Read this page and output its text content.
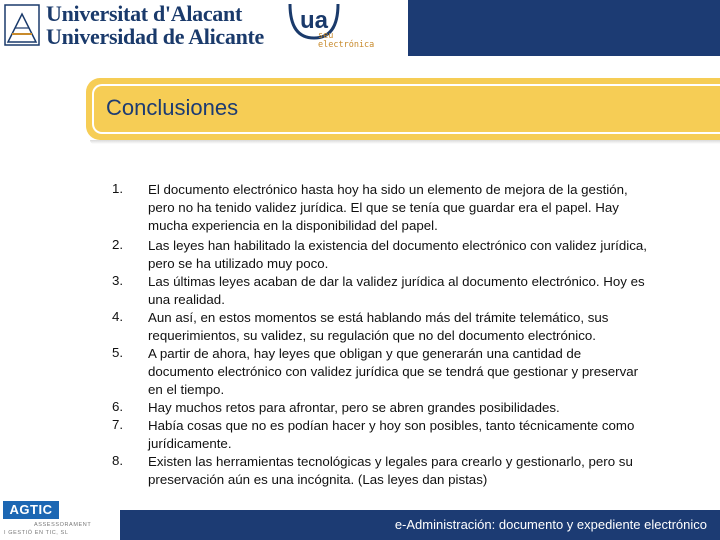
Universitat d'Alacant
Universidad de Alicante
ua
seu
electrónica
Conclusiones
1. El documento electrónico hasta hoy ha sido un elemento de mejora de la gestión,
pero no ha tenido validez jurídica. El que se tenía que guardar era el papel. Hay
mucha experiencia en la disponibilidad del papel.
2. Las leyes han habilitado la existencia del documento electrónico con validez jurídica,
pero se ha utilizado muy poco.
3. Las últimas leyes acaban de dar la validez jurídica al documento electrónico. Hoy es
una realidad.
4. Aun así, en estos momentos se está hablando más del trámite telemático, sus
requerimientos, su validez, su regulación que no del documento electrónico.
5. A partir de ahora, hay leyes que obligan y que generarán una cantidad de
documento electrónico con validez jurídica que se tendrá que gestionar y preservar
en el tiempo.
6. Hay muchos retos para afrontar, pero se abren grandes posibilidades.
7. Había cosas que no es podían hacer y hoy son posibles, tanto técnicamente como
jurídicamente.
8. Existen las herramientas tecnológicas y legales para crearlo y gestionarlo, pero su
preservación aún es una incógnita. (Las leyes dan pistas)
AGTIC
ASSESSORAMENT
I GESTIÓ EN TIC, SL
e-Administración: documento y expediente electrónico
